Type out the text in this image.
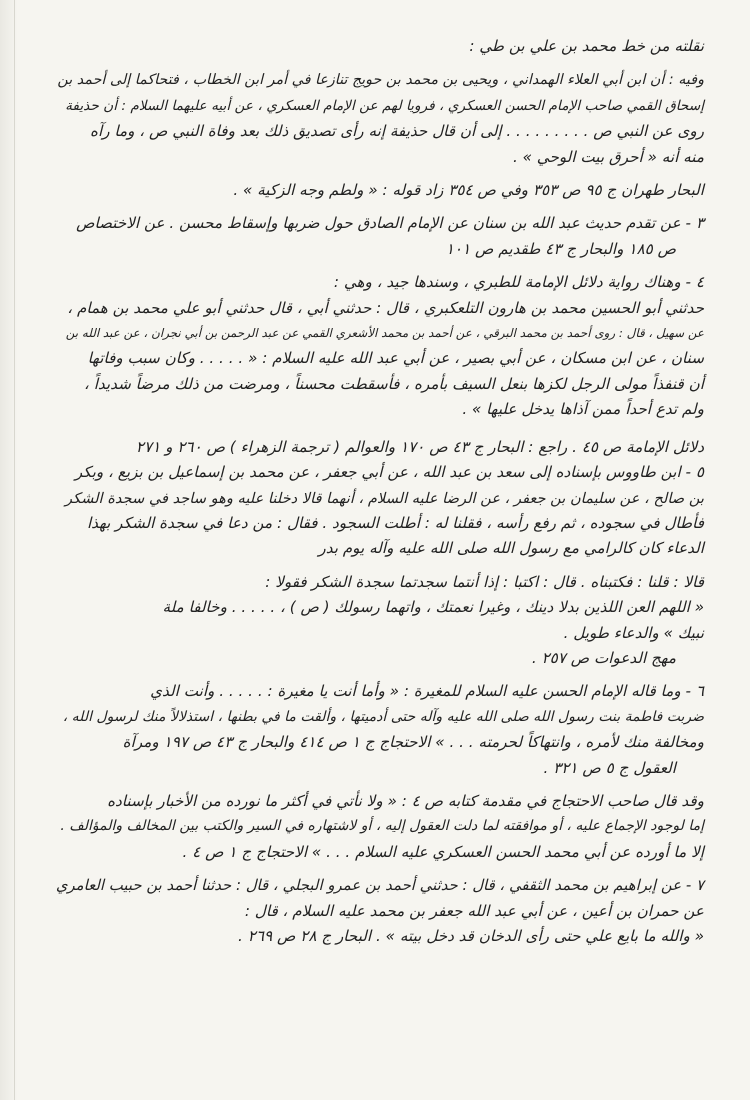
نقلته من خط محمد بن علي بن طي :

وفيه : أن ابن أبي العلاء الهمداني ، ويحيى بن محمد بن حويج تنازعا في أمر ابن الخطاب ، فتحاكما إلى أحمد بن

إسحاق القمي صاحب الإمام الحسن العسكري ، فرويا لهم عن الإمام العسكري ، عن أبيه عليهما السلام : أن حذيفة

روى عن النبي ص . . . . . . . . . إلى أن قال حذيفة إنه رأى تصديق ذلك بعد وفاة النبي ص ، وما رآه

منه أنه « أحرق بيت الوحي » .

البحار طهران ج ٩٥ ص ٣٥٣ وفي ص ٣٥٤ زاد قوله : « ولطم وجه الزكية » .

٣ - عن تقدم حديث عبد الله بن سنان عن الإمام الصادق حول ضربها وإسقاط محسن . عن الاختصاص

ص ١٨٥ والبحار ج ٤٣ طقديم ص ١٠١

٤ - وهناك رواية دلائل الإمامة للطبري ، وسندها جيد ، وهي :

حدثني أبو الحسين محمد بن هارون التلعكبري ، قال : حدثني أبي ، قال حدثني أبو علي محمد بن همام ،

عن سهيل ، قال : روى أحمد بن محمد البرقي ، عن أحمد بن محمد الأشعري القمي عن عبد الرحمن بن أبي نجران ، عن عبد الله بن

سنان ، عن ابن مسكان ، عن أبي بصير ، عن أبي عبد الله عليه السلام : « . . . . . وكان سبب وفاتها

أن قنفذاً مولى الرجل لكزها بنعل السيف بأمره ، فأسقطت محسناً ، ومرضت من ذلك مرضاً شديداً ،

ولم تدع أحداً ممن آذاها يدخل عليها » .

دلائل الإمامة ص ٤٥ . راجع : البحار ج ٤٣ ص ١٧٠ والعوالم ( ترجمة الزهراء ) ص ٢٦٠ و ٢٧١

٥ - ابن طاووس بإسناده إلى سعد بن عبد الله ، عن أبي جعفر ، عن محمد بن إسماعيل بن بزيع ، وبكر

بن صالح ، عن سليمان بن جعفر ، عن الرضا عليه السلام ، أنهما قالا دخلنا عليه وهو ساجد في سجدة الشكر

فأطال في سجوده ، ثم رفع رأسه ، فقلنا له : أطلت السجود . فقال : من دعا في سجدة الشكر بهذا

الدعاء كان كالرامي مع رسول الله صلى الله عليه وآله يوم بدر

قالا : قلنا : فكتبناه . قال : اكتبا : إذا أنتما سجدتما سجدة الشكر فقولا :

« اللهم العن اللذين بدلا دينك ، وغيرا نعمتك ، واتهما رسولك ( ص ) ، . . . . . وخالفا ملة

نبيك » والدعاء طويل .

مهج الدعوات ص ٢٥٧ .

٦ - وما قاله الإمام الحسن عليه السلام للمغيرة : « وأما أنت يا مغيرة : . . . . . وأنت الذي

ضربت فاطمة بنت رسول الله صلى الله عليه وآله حتى أدميتها ، وألقت ما في بطنها ، استذلالاً منك لرسول الله ،

ومخالفة منك لأمره ، وانتهاكاً لحرمته . . . » الاحتجاج ج ١ ص ٤١٤ والبحار ج ٤٣ ص ١٩٧ ومرآة

العقول ج ٥ ص ٣٢١ .

وقد قال صاحب الاحتجاج في مقدمة كتابه ص ٤ : « ولا نأتي في أكثر ما نورده من الأخبار بإسناده

إما لوجود الإجماع عليه ، أو موافقته لما دلت العقول إليه ، أو لاشتهاره في السير والكتب بين المخالف والمؤالف .

إلا ما أورده عن أبي محمد الحسن العسكري عليه السلام . . . » الاحتجاج ج ١ ص ٤ .

٧ - عن إبراهيم بن محمد الثقفي ، قال : حدثني أحمد بن عمرو البجلي ، قال : حدثنا أحمد بن حبيب العامري

عن حمران بن أعين ، عن أبي عبد الله جعفر بن محمد عليه السلام ، قال :

« والله ما بايع علي حتى رأى الدخان قد دخل بيته » . البحار ج ٢٨ ص ٢٦٩ .
